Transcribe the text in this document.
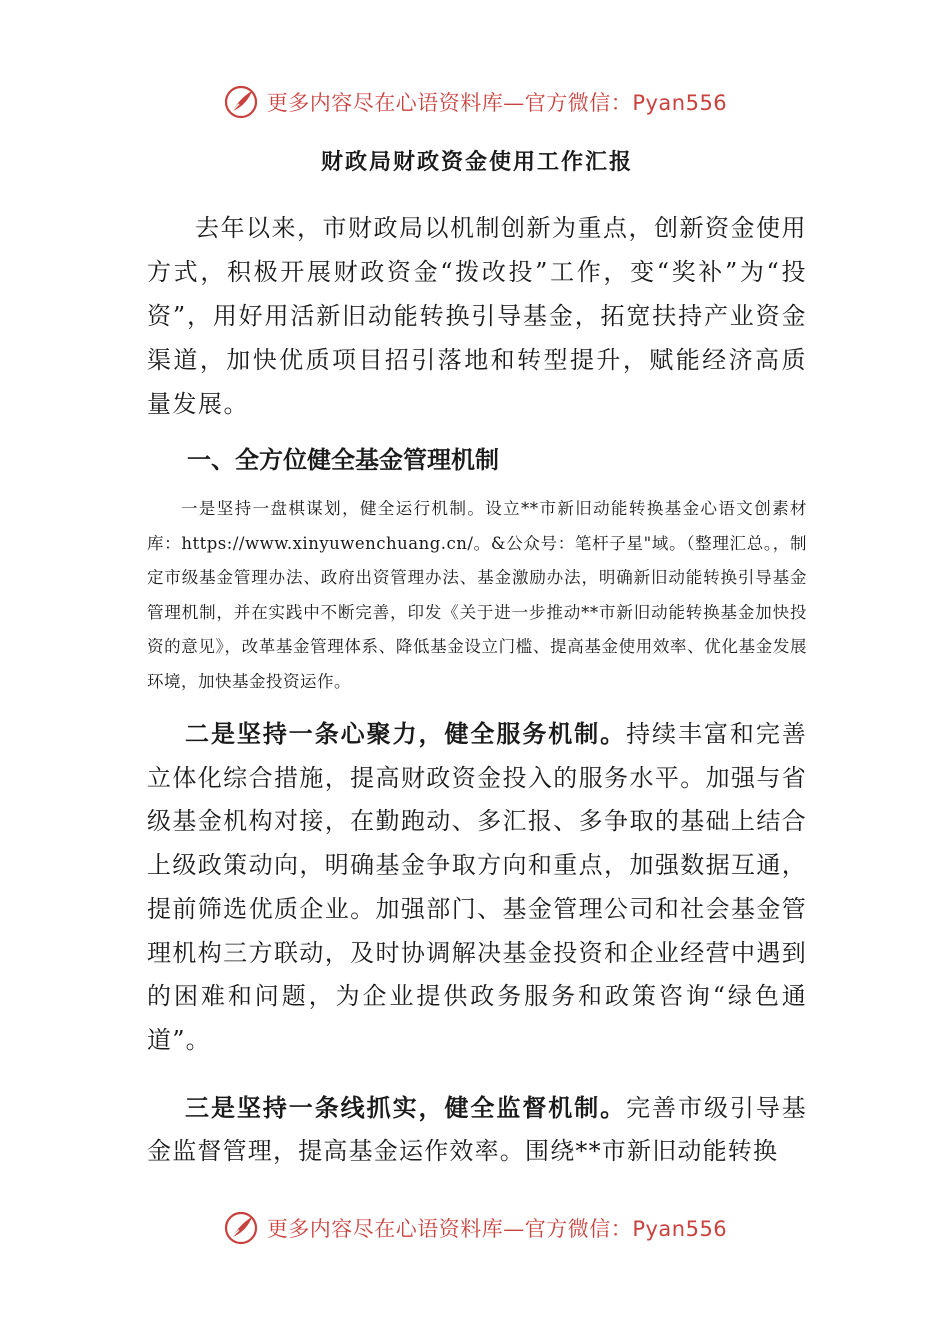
更多内容尽在心语资料库—官方微信：Pyan556
财政局财政资金使用工作汇报

去年以来，市财政局以机制创新为重点，创新资金使用方式，积极开展财政资金“拨改投”工作，变“奖补”为“投资”，用好用活新旧动能转换引导基金，拓宽扶持产业资金渠道，加快优质项目招引落地和转型提升，赋能经济高质量发展。

一、全方位健全基金管理机制

一是坚持一盘棋谋划，健全运行机制。设立**市新旧动能转换基金心语文创素材库：https://www.xinyuwenchuang.cn/。&公众号：笔杆子星"域。（整理汇总。，制定市级基金管理办法、政府出资管理办法、基金激励办法，明确新旧动能转换引导基金管理机制，并在实践中不断完善，印发《关于进一步推动**市新旧动能转换基金加快投资的意见》，改革基金管理体系、降低基金设立门槛、提高基金使用效率、优化基金发展环境，加快基金投资运作。

二是坚持一条心聚力，健全服务机制。持续丰富和完善立体化综合措施，提高财政资金投入的服务水平。加强与省级基金机构对接，在勤跑动、多汇报、多争取的基础上结合上级政策动向，明确基金争取方向和重点，加强数据互通，提前筛选优质企业。加强部门、基金管理公司和社会基金管理机构三方联动，及时协调解决基金投资和企业经营中遇到的困难和问题，为企业提供政务服务和政策咨询“绿色通道”。

三是坚持一条线抓实，健全监督机制。完善市级引导基金监督管理，提高基金运作效率。围绕**市新旧动能转换

更多内容尽在心语资料库—官方微信：Pyan556
